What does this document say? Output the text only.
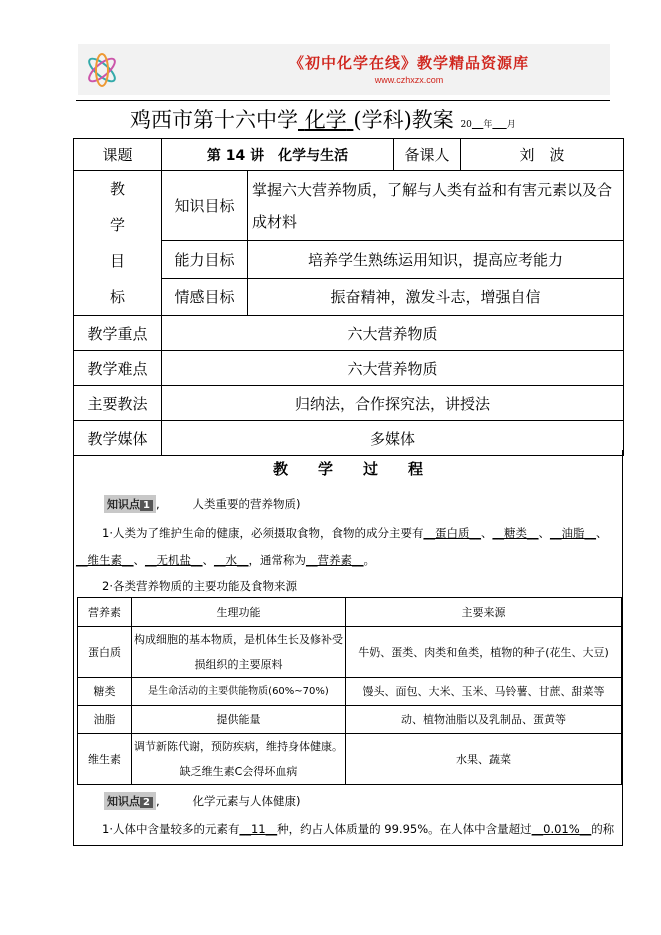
《初中化学在线》教学精品资源库
www.czhxzx.com
鸡西市第十六中学 化学 (学科)教案 20 年 月
课题	第 14 讲　化学与生活		备课人	刘　波

教
学
目
标	知识目标	掌握六大营养物质，了解与人类有益和有害元素以及合成材料		
	能力目标	培养学生熟练运用知识，提高应考能力		
	情感目标	振奋精神，激发斗志，增强自信		
教学重点	六大营养物质			
教学难点	六大营养物质			
主要教法	归纳法，合作探究法，讲授法			
教学媒体	多媒体			
教　　学　　过　　程
知识点 1 ,         人类重要的营养物质)
1·人类为了维护生命的健康，必须摄取食物，食物的成分主要有__蛋白质__、__糖类__、__油脂__、
__维生素__、__无机盐__、__水__，通常称为__营养素__。
2·各类营养物质的主要功能及食物来源
营养素	生理功能	主要来源
蛋白质	构成细胞的基本物质，是机体生长及修补受损组织的主要原料	牛奶、蛋类、肉类和鱼类，植物的种子(花生、大豆)
糖类	是生命活动的主要供能物质(60%~70%)	馒头、面包、大米、玉米、马铃薯、甘蔗、甜菜等
油脂	提供能量	动、植物油脂以及乳制品、蛋黄等
维生素	调节新陈代谢，预防疾病，维持身体健康。缺乏维生素C会得坏血病	水果、蔬菜
知识点 2 ,         化学元素与人体健康)
1·人体中含量较多的元素有__11__种，约占人体质量的 99.95%。在人体中含量超过__0.01%__的称
